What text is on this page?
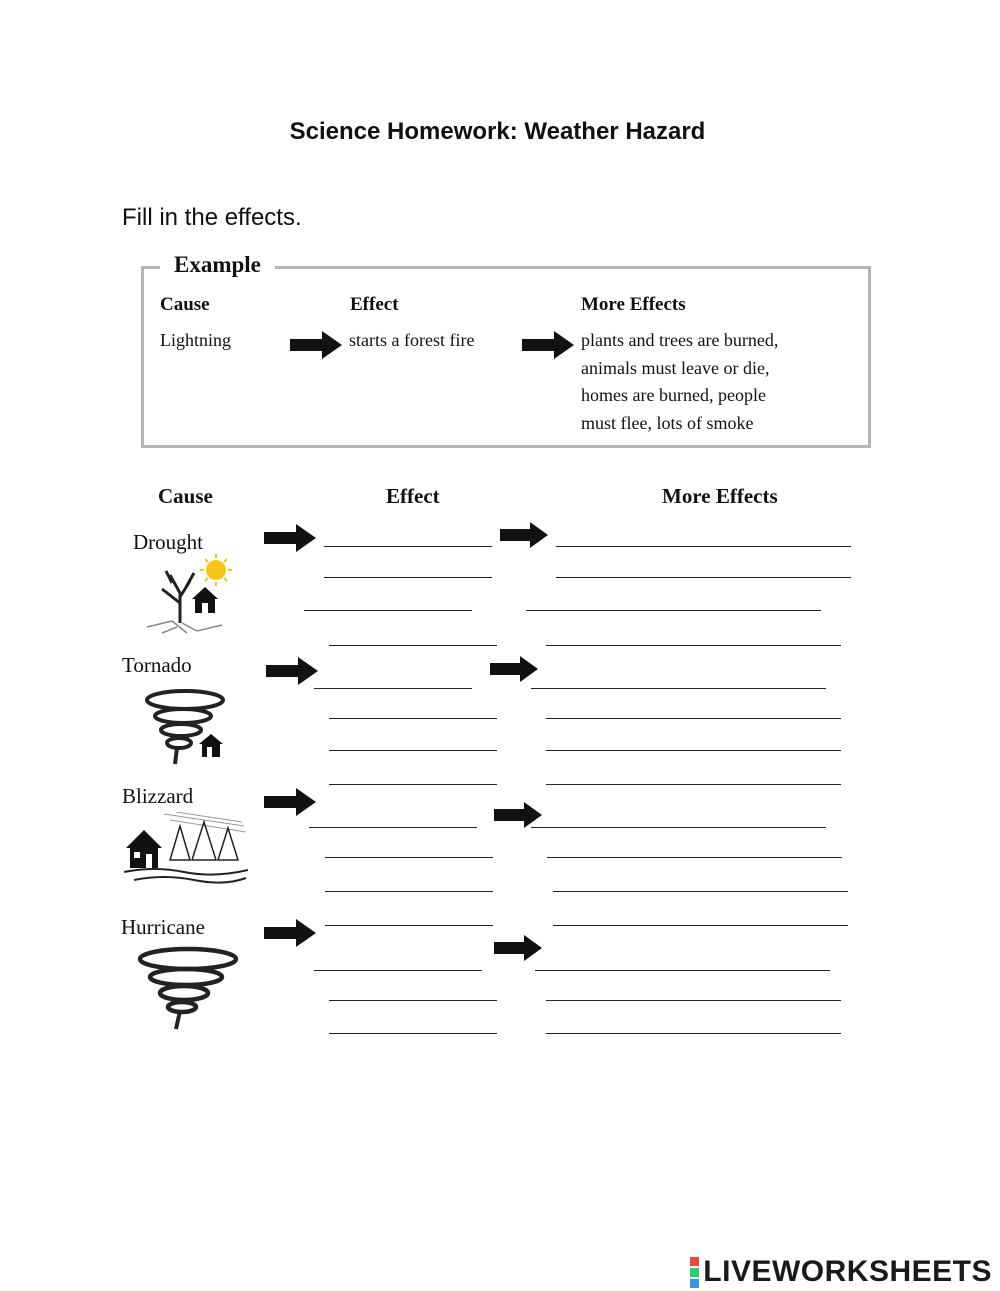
Science Homework: Weather Hazard
Fill in the effects.
Example
Cause	Effect	More Effects
Lightning	starts a forest fire	plants and trees are burned,
animals must leave or die,
homes are burned, people
must flee, lots of smoke
Cause	Effect	More Effects
Drought
Tornado
Blizzard
Hurricane
LIVEWORKSHEETS
